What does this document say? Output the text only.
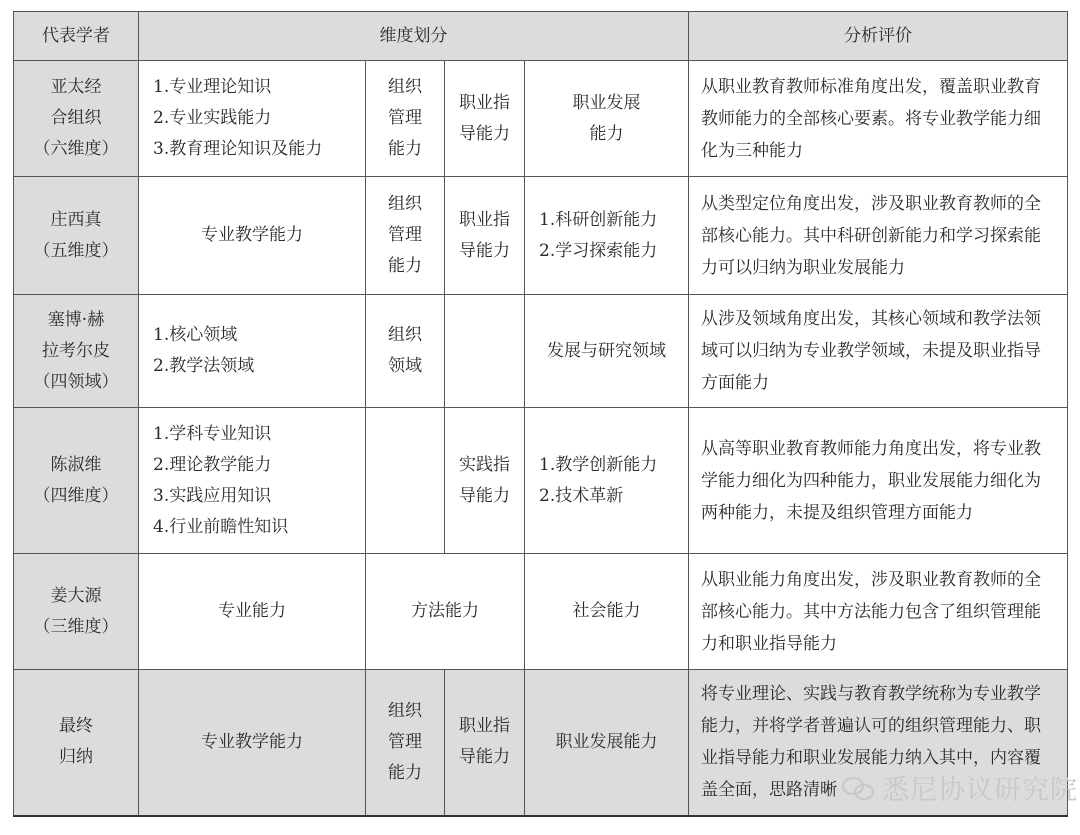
代表学者	维度划分				分析评价

亚太经
合组织
（六维度）	1.专业理论知识
2.专业实践能力
3.教育理论知识及能力	组织
管理
能力	职业指
导能力	职业发展
能力	从职业教育教师标准角度出发，覆盖职业教育教师能力的全部核心要素。将专业教学能力细化为三种能力

庄西真
（五维度）	专业教学能力	组织
管理
能力	职业指
导能力	1.科研创新能力
2.学习探索能力	从类型定位角度出发，涉及职业教育教师的全部核心能力。其中科研创新能力和学习探索能力可以归纳为职业发展能力

塞博·赫
拉考尔皮
（四领域）	1.核心领域
2.教学法领域	组织
领域		发展与研究领域	从涉及领域角度出发，其核心领域和教学法领域可以归纳为专业教学领域，未提及职业指导方面能力

陈淑维
（四维度）	1.学科专业知识
2.理论教学能力
3.实践应用知识
4.行业前瞻性知识		实践指
导能力	1.教学创新能力
2.技术革新	从高等职业教育教师能力角度出发，将专业教学能力细化为四种能力，职业发展能力细化为两种能力，未提及组织管理方面能力

姜大源
（三维度）	专业能力	方法能力		社会能力	从职业能力角度出发，涉及职业教育教师的全部核心能力。其中方法能力包含了组织管理能力和职业指导能力

最终
归纳	专业教学能力	组织
管理
能力	职业指
导能力	职业发展能力	将专业理论、实践与教育教学统称为专业教学能力，并将学者普遍认可的组织管理能力、职业指导能力和职业发展能力纳入其中，内容覆盖全面，思路清晰 悉尼协议研究院
